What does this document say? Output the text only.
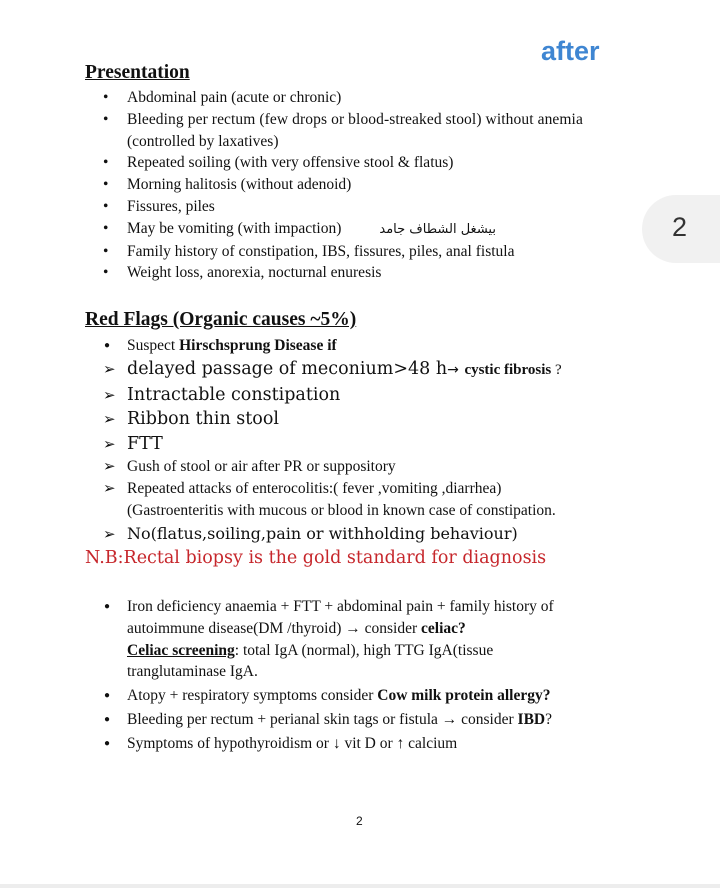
after
2
Presentation
• Abdominal pain (acute or chronic)
• Bleeding per rectum (few drops or blood-streaked stool) without anemia
(controlled by laxatives)
• Repeated soiling (with very offensive stool & flatus)
• Morning halitosis (without adenoid)
• Fissures, piles
• May be vomiting (with impaction)	بيشغل الشطاف جامد
• Family history of constipation, IBS, fissures, piles, anal fistula
• Weight loss, anorexia, nocturnal enuresis
Red Flags (Organic causes ~5%)
● Suspect Hirschsprung Disease if
➢ delayed passage of meconium>48 h→ cystic fibrosis ?
➢ Intractable constipation
➢ Ribbon thin stool
➢ FTT
➢ Gush of stool or air after PR or suppository
➢ Repeated attacks of enterocolitis:( fever ,vomiting ,diarrhea)
(Gastroenteritis with mucous or blood in known case of constipation.
➢ No(flatus,soiling,pain or withholding behaviour)
N.B:Rectal biopsy is the gold standard for diagnosis
● Iron deficiency anaemia + FTT + abdominal pain + family history of
autoimmune disease(DM /thyroid) → consider celiac?
Celiac screening: total IgA (normal), high TTG IgA(tissue
tranglutaminase IgA.
● Atopy + respiratory symptoms consider Cow milk protein allergy?
● Bleeding per rectum + perianal skin tags or fistula → consider IBD?
● Symptoms of hypothyroidism or ↓ vit D or ↑ calcium
2
